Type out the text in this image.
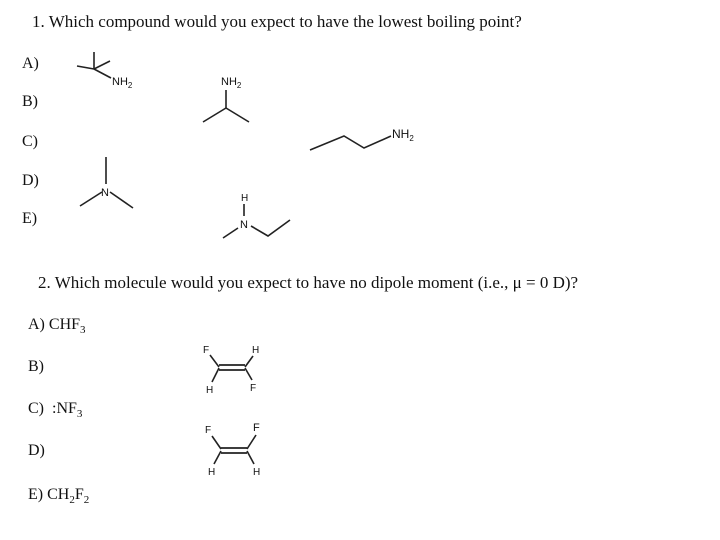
1. Which compound would you expect to have the lowest boiling point?
A)
B)
C)
D)
E)
2. Which molecule would you expect to have no dipole moment (i.e., μ = 0 D)?
A) $CHF_3$
B)
C) $:NF_3$
D)
E) $CH_2F_2$
$NH_2$	$NH_2$
$NH_2$
N	H
N
F	H
H	F
F	F
H	H
